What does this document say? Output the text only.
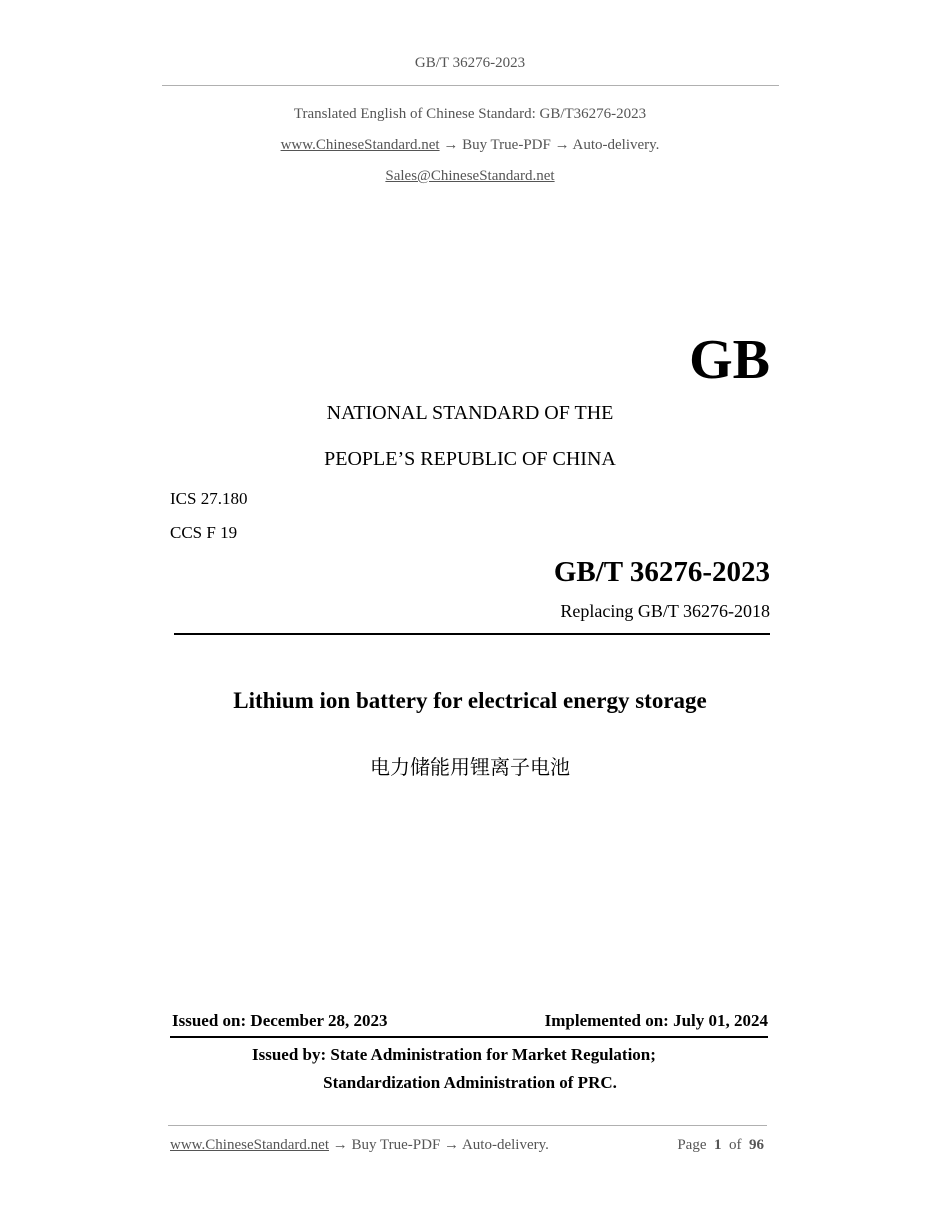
GB/T 36276-2023
Translated English of Chinese Standard: GB/T36276-2023
www.ChineseStandard.net → Buy True-PDF → Auto-delivery.
Sales@ChineseStandard.net
GB
NATIONAL STANDARD OF THE
PEOPLE’S REPUBLIC OF CHINA
ICS 27.180
CCS F 19
GB/T 36276-2023
Replacing GB/T 36276-2018
Lithium ion battery for electrical energy storage
电力储能用锂离子电池
Issued on: December 28, 2023	Implemented on: July 01, 2024
Issued by: State Administration for Market Regulation;
Standardization Administration of PRC.
www.ChineseStandard.net → Buy True-PDF → Auto-delivery.	Page 1 of 96
